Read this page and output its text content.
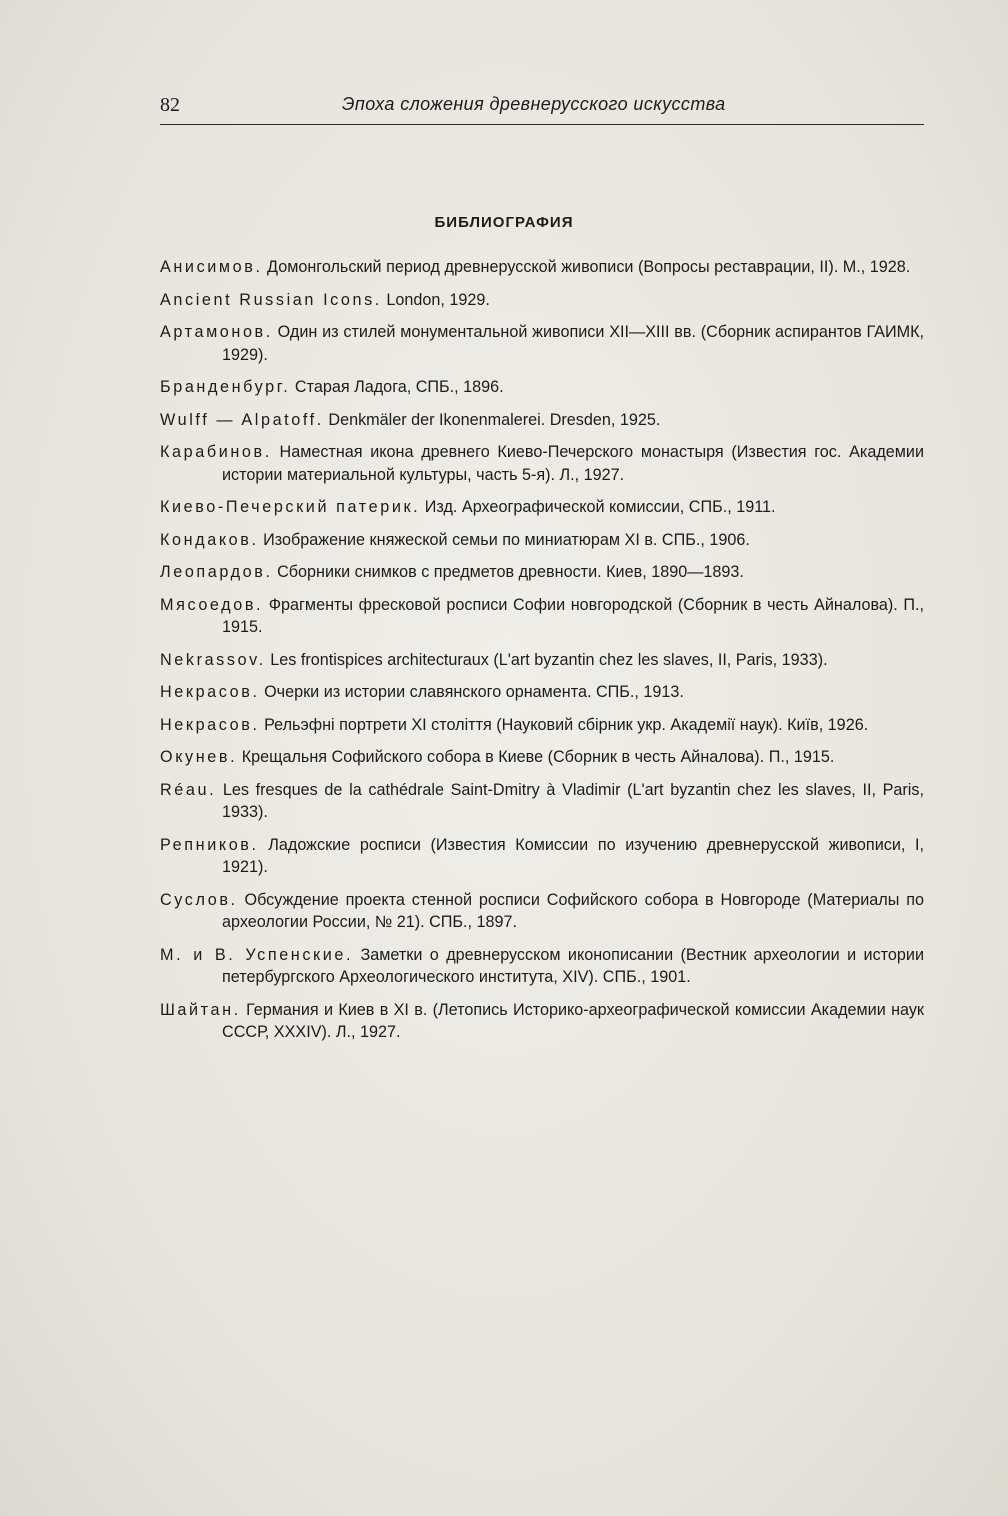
82	Эпоха сложения древнерусского искусства
БИБЛИОГРАФИЯ
Анисимов. Домонгольский период древнерусской живописи (Вопросы реставрации, II). М., 1928.
Ancient Russian Icons. London, 1929.
Артамонов. Один из стилей монументальной живописи XII—XIII вв. (Сборник аспирантов ГАИМК, 1929).
Бранденбург. Старая Ладога, СПБ., 1896.
Wulff — Alpatoff. Denkmäler der Ikonenmalerei. Dresden, 1925.
Карабинов. Наместная икона древнего Киево-Печерского монастыря (Известия гос. Академии истории материальной культуры, часть 5-я). Л., 1927.
Киево-Печерский патерик. Изд. Археографической комиссии, СПБ., 1911.
Кондаков. Изображение княжеской семьи по миниатюрам XI в. СПБ., 1906.
Леопардов. Сборники снимков с предметов древности. Киев, 1890—1893.
Мясоедов. Фрагменты фресковой росписи Софии новгородской (Сборник в честь Айналова). П., 1915.
Nekrassov. Les frontispices architecturaux (L'art byzantin chez les slaves, II, Paris, 1933).
Некрасов. Очерки из истории славянского орнамента. СПБ., 1913.
Некрасов. Рельэфні портрети XI століття (Науковий сбірник укр. Академії наук). Київ, 1926.
Окунев. Крещальня Софийского собора в Киеве (Сборник в честь Айналова). П., 1915.
Réau. Les fresques de la cathédrale Saint-Dmitry à Vladimir (L'art byzantin chez les slaves, II, Paris, 1933).
Репников. Ладожские росписи (Известия Комиссии по изучению древнерусской живописи, I, 1921).
Суслов. Обсуждение проекта стенной росписи Софийского собора в Новгороде (Материалы по археологии России, № 21). СПБ., 1897.
М. и В. Успенские. Заметки о древнерусском иконописании (Вестник археологии и истории петербургского Археологического института, XIV). СПБ., 1901.
Шайтан. Германия и Киев в XI в. (Летопись Историко-археографической комиссии Академии наук СССР, XXXIV). Л., 1927.
